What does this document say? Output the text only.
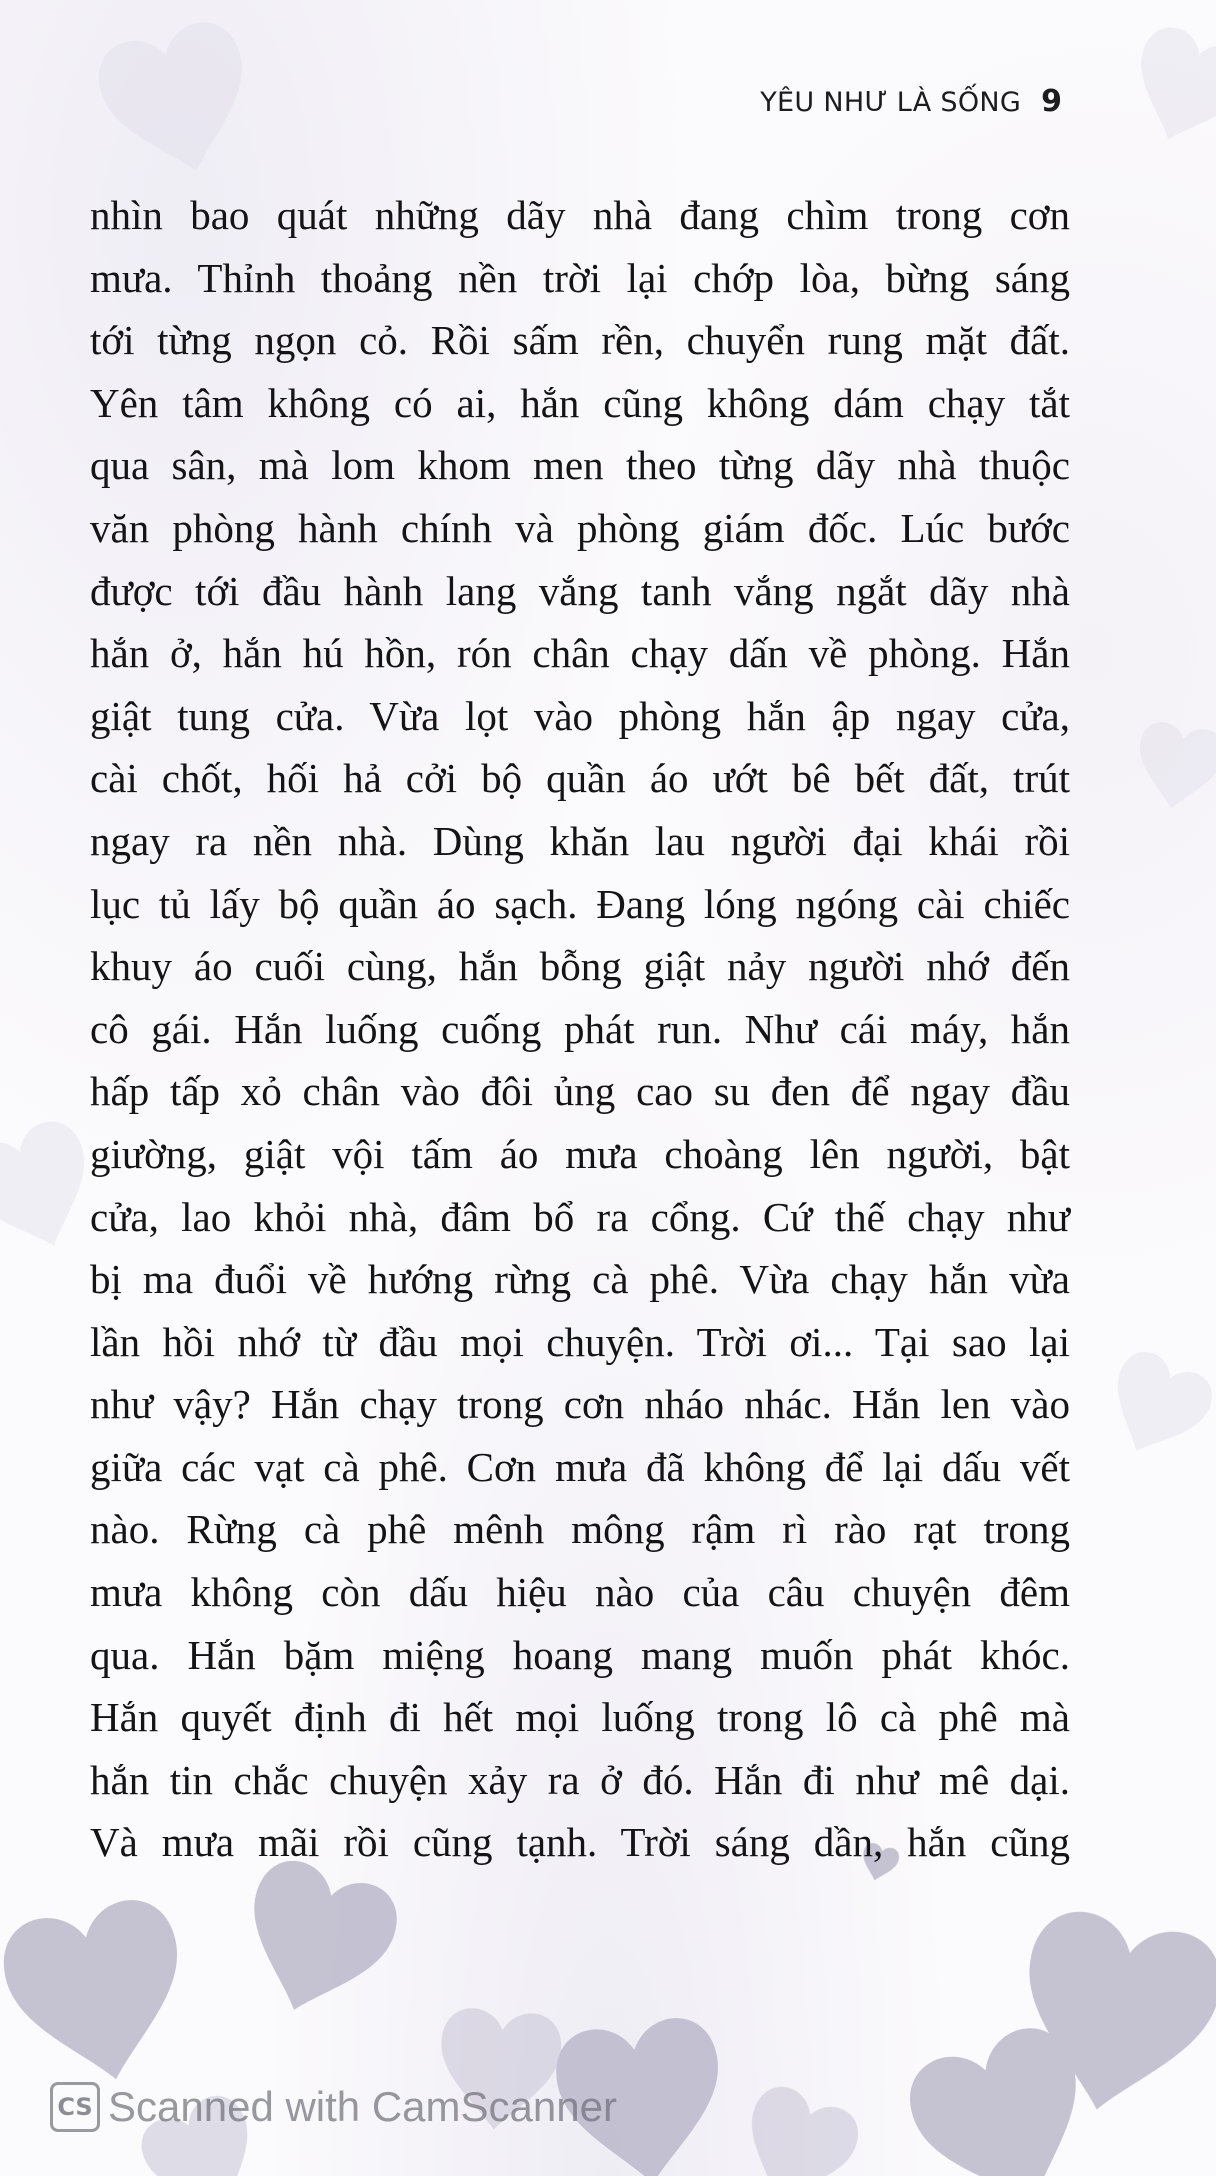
YÊU NHƯ LÀ SỐNG 9
nhìn bao quát những dãy nhà đang chìm trong cơn
mưa. Thỉnh thoảng nền trời lại chớp lòa, bừng sáng
tới từng ngọn cỏ. Rồi sấm rền, chuyển rung mặt đất.
Yên tâm không có ai, hắn cũng không dám chạy tắt
qua sân, mà lom khom men theo từng dãy nhà thuộc
văn phòng hành chính và phòng giám đốc. Lúc bước
được tới đầu hành lang vắng tanh vắng ngắt dãy nhà
hắn ở, hắn hú hồn, rón chân chạy dấn về phòng. Hắn
giật tung cửa. Vừa lọt vào phòng hắn ập ngay cửa,
cài chốt, hối hả cởi bộ quần áo ướt bê bết đất, trút
ngay ra nền nhà. Dùng khăn lau người đại khái rồi
lục tủ lấy bộ quần áo sạch. Đang lóng ngóng cài chiếc
khuy áo cuối cùng, hắn bỗng giật nảy người nhớ đến
cô gái. Hắn luống cuống phát run. Như cái máy, hắn
hấp tấp xỏ chân vào đôi ủng cao su đen để ngay đầu
giường, giật vội tấm áo mưa choàng lên người, bật
cửa, lao khỏi nhà, đâm bổ ra cổng. Cứ thế chạy như
bị ma đuổi về hướng rừng cà phê. Vừa chạy hắn vừa
lần hồi nhớ từ đầu mọi chuyện. Trời ơi... Tại sao lại
như vậy? Hắn chạy trong cơn nháo nhác. Hắn len vào
giữa các vạt cà phê. Cơn mưa đã không để lại dấu vết
nào. Rừng cà phê mênh mông rậm rì rào rạt trong
mưa không còn dấu hiệu nào của câu chuyện đêm
qua. Hắn bặm miệng hoang mang muốn phát khóc.
Hắn quyết định đi hết mọi luống trong lô cà phê mà
hắn tin chắc chuyện xảy ra ở đó. Hắn đi như mê dại.
Và mưa mãi rồi cũng tạnh. Trời sáng dần, hắn cũng
CS Scanned with CamScanner
